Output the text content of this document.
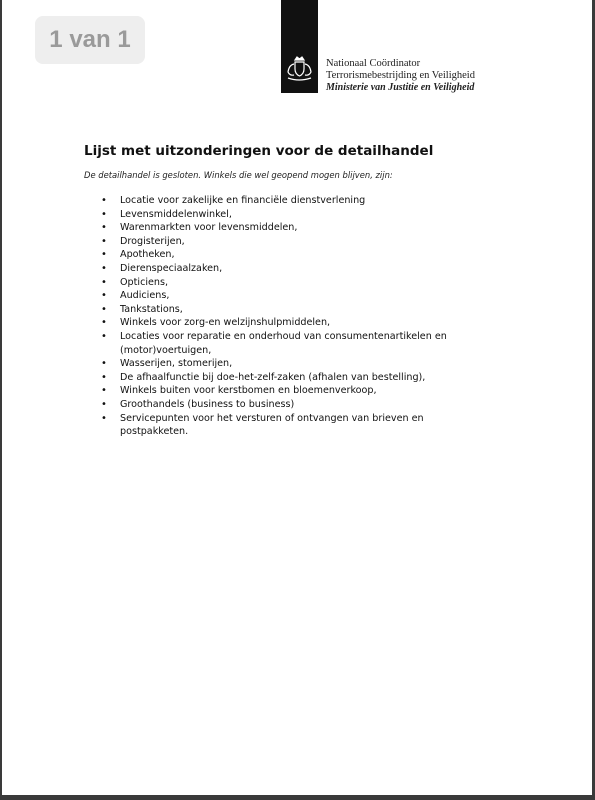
1 van 1
Nationaal Coördinator
Terrorismebestrijding en Veiligheid
Ministerie van Justitie en Veiligheid
Lijst met uitzonderingen voor de detailhandel
De detailhandel is gesloten. Winkels die wel geopend mogen blijven, zijn:
• Locatie voor zakelijke en financiële dienstverlening
• Levensmiddelenwinkel,
• Warenmarkten voor levensmiddelen,
• Drogisterijen,
• Apotheken,
• Dierenspeciaalzaken,
• Opticiens,
• Audiciens,
• Tankstations,
• Winkels voor zorg-en welzijnshulpmiddelen,
• Locaties voor reparatie en onderhoud van consumentenartikelen en (motor)voertuigen,
• Wasserijen, stomerijen,
• De afhaalfunctie bij doe-het-zelf-zaken (afhalen van bestelling),
• Winkels buiten voor kerstbomen en bloemenverkoop,
• Groothandels (business to business)
• Servicepunten voor het versturen of ontvangen van brieven en postpakketen.
